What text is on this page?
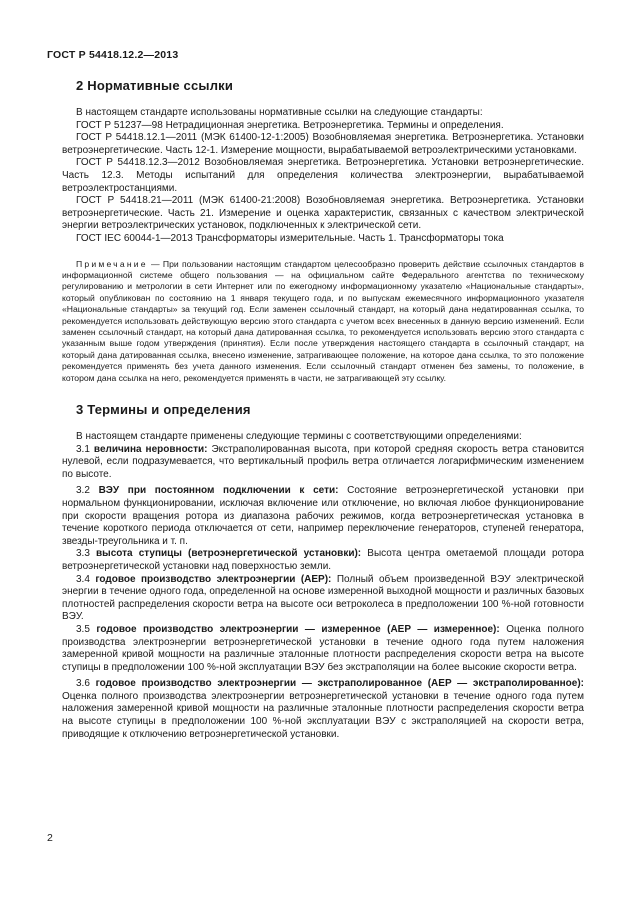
ГОСТ Р 54418.12.2—2013
2 Нормативные ссылки

В настоящем стандарте использованы нормативные ссылки на следующие стандарты:

ГОСТ Р 51237—98 Нетрадиционная энергетика. Ветроэнергетика. Термины и определения.

ГОСТ Р 54418.12.1—2011 (МЭК 61400-12-1:2005) Возобновляемая энергетика. Ветроэнергетика. Установки ветроэнергетические. Часть 12-1. Измерение мощности, вырабатываемой ветроэлектрическими установками.

ГОСТ Р 54418.12.3—2012 Возобновляемая энергетика. Ветроэнергетика. Установки ветроэнергетические. Часть 12.3. Методы испытаний для определения количества электроэнергии, вырабатываемой ветроэлектростанциями.

ГОСТ Р 54418.21—2011 (МЭК 61400-21:2008) Возобновляемая энергетика. Ветроэнергетика. Установки ветроэнергетические. Часть 21. Измерение и оценка характеристик, связанных с качеством электрической энергии ветроэлектрических установок, подключенных к электрической сети.

ГОСТ IEC 60044-1—2013 Трансформаторы измерительные. Часть 1. Трансформаторы тока

Примечание — При пользовании настоящим стандартом целесообразно проверить действие ссылочных стандартов в информационной системе общего пользования — на официальном сайте Федерального агентства по техническому регулированию и метрологии в сети Интернет или по ежегодному информационному указателю «Национальные стандарты», который опубликован по состоянию на 1 января текущего года, и по выпускам ежемесячного информационного указателя «Национальные стандарты» за текущий год. Если заменен ссылочный стандарт, на который дана недатированная ссылка, то рекомендуется использовать действующую версию этого стандарта с учетом всех внесенных в данную версию изменений. Если заменен ссылочный стандарт, на который дана датированная ссылка, то рекомендуется использовать версию этого стандарта с указанным выше годом утверждения (принятия). Если после утверждения настоящего стандарта в ссылочный стандарт, на который дана датированная ссылка, внесено изменение, затрагивающее положение, на которое дана ссылка, то это положение рекомендуется применять без учета данного изменения. Если ссылочный стандарт отменен без замены, то положение, в котором дана ссылка на него, рекомендуется применять в части, не затрагивающей эту ссылку.

3 Термины и определения

В настоящем стандарте применены следующие термины с соответствующими определениями:

3.1 величина неровности: Экстраполированная высота, при которой средняя скорость ветра становится нулевой, если подразумевается, что вертикальный профиль ветра отличается логарифмическим изменением по высоте.

3.2 ВЭУ при постоянном подключении к сети: Состояние ветроэнергетической установки при нормальном функционировании, исключая включение или отключение, но включая любое функционирование при скорости вращения ротора из диапазона рабочих режимов, когда ветроэнергетическая установка в течение короткого периода отключается от сети, например переключение генераторов, ступеней генератора, звезды-треугольника и т. п.

3.3 высота ступицы (ветроэнергетической установки): Высота центра ометаемой площади ротора ветроэнергетической установки над поверхностью земли.

3.4 годовое производство электроэнергии (AEP): Полный объем произведенной ВЭУ электрической энергии в течение одного года, определенной на основе измеренной выходной мощности и различных базовых плотностей распределения скорости ветра на высоте оси ветроколеса в предположении 100 %-ной готовности ВЭУ.

3.5 годовое производство электроэнергии — измеренное (AEP — измеренное): Оценка полного производства электроэнергии ветроэнергетической установки в течение одного года путем наложения замеренной кривой мощности на различные эталонные плотности распределения скорости ветра на высоте ступицы в предположении 100 %-ной эксплуатации ВЭУ без экстраполяции на более высокие скорости ветра.

3.6 годовое производство электроэнергии — экстраполированное (AEP — экстраполированное): Оценка полного производства электроэнергии ветроэнергетической установки в течение одного года путем наложения замеренной кривой мощности на различные эталонные плотности распределения скорости ветра на высоте ступицы в предположении 100 %-ной эксплуатации ВЭУ с экстраполяцией на скорости ветра, приводящие к отключению ветроэнергетической установки.

2
